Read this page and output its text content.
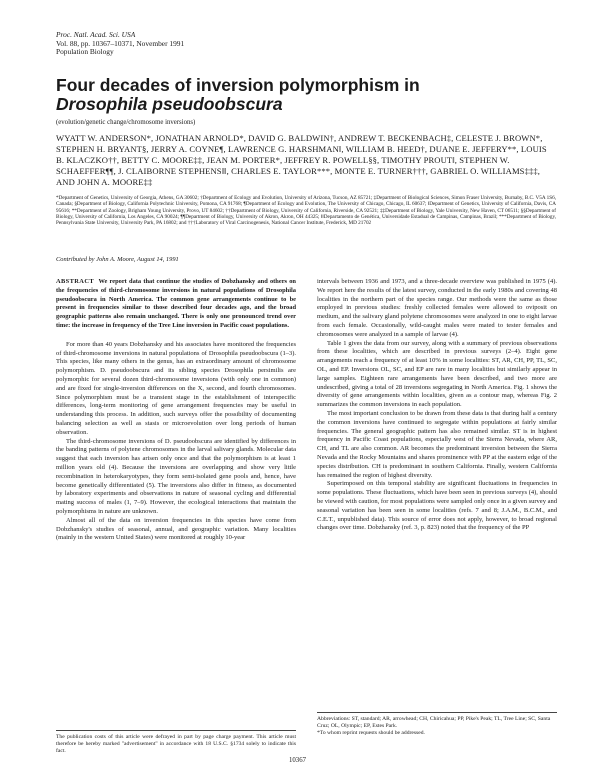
Proc. Natl. Acad. Sci. USA
Vol. 88, pp. 10367–10371, November 1991
Population Biology
Four decades of inversion polymorphism in
Drosophila pseudoobscura
(evolution/genetic change/chromosome inversions)
WYATT W. ANDERSON*, JONATHAN ARNOLD*, DAVID G. BALDWIN†, ANDREW T. BECKENBACH‡, CELESTE J. BROWN*, STEPHEN H. BRYANT§, JERRY A. COYNE¶, LAWRENCE G. HARSHMAN‖, WILLIAM B. HEED†, DUANE E. JEFFERY**, LOUIS B. KLACZKO††, BETTY C. MOORE‡‡, JEAN M. PORTER*, JEFFREY R. POWELL§§, TIMOTHY PROUT‖, STEPHEN W. SCHAEFFER¶¶, J. CLAIBORNE STEPHENS‖‖, CHARLES E. TAYLOR***, MONTE E. TURNER†††, GABRIEL O. WILLIAMS‡‡‡, AND JOHN A. MOORE‡‡
*Department of Genetics, University of Georgia, Athens, GA 30602; †Department of Ecology and Evolution, University of Arizona, Tucson, AZ 85721; ‡Department of Biological Sciences, Simon Fraser University, Burnaby, B.C. V5A 1S6, Canada; §Department of Biology, California Polytechnic University, Pomona, CA 91768; ¶Department of Ecology and Evolution, The University of Chicago, Chicago, IL 60637; ‖Department of Genetics, University of California, Davis, CA 95616; **Department of Zoology, Brigham Young University, Provo, UT 84602; ††Department of Biology, University of California, Riverside, CA 92521; ‡‡Department of Biology, Yale University, New Haven, CT 06511; §§Department of Biology, University of California, Los Angeles, CA 90024; ¶¶Department of Biology, University of Akron, Akron, OH 44325; ‖‖Departamento de Genética, Universidade Estadual de Campinas, Campinas, Brazil; ***Department of Biology, Pennsylvania State University, University Park, PA 16802; and †††Laboratory of Viral Carcinogenesis, National Cancer Institute, Frederick, MD 21702
Contributed by John A. Moore, August 14, 1991

ABSTRACT We report data that continue the studies of Dobzhansky and others on the frequencies of third-chromosome inversions in natural populations of Drosophila pseudoobscura in North America. The common gene arrangements continue to be present in frequencies similar to those described four decades ago, and the broad geographic patterns also remain unchanged. There is only one pronounced trend over time: the increase in frequency of the Tree Line inversion in Pacific coast populations.

For more than 40 years Dobzhansky and his associates have monitored the frequencies of third-chromosome inversions in natural populations of Drosophila pseudoobscura (1–3). This species, like many others in the genus, has an extraordinary amount of chromosome polymorphism. D. pseudoobscura and its sibling species Drosophila persimilis are polymorphic for several dozen third-chromosome inversions (with only one in common) and are fixed for single-inversion differences on the X, second, and fourth chromosomes. Since polymorphism must be a transient stage in the establishment of interspecific differences, long-term monitoring of gene arrangement frequencies may be useful in understanding this process. In addition, such surveys offer the possibility of documenting balancing selection as well as stasis or microevolution over long periods of human observation.

The third-chromosome inversions of D. pseudoobscura are identified by differences in the banding patterns of polytene chromosomes in the larval salivary glands. Molecular data suggest that each inversion has arisen only once and that the polymorphism is at least 1 million years old (4). Because the inversions are overlapping and show very little recombination in heterokaryotypes, they form semi-isolated gene pools and, hence, have become genetically differentiated (5). The inversions also differ in fitness, as documented by laboratory experiments and observations in nature of seasonal cycling and differential mating success of males (1, 7–9). However, the ecological interactions that maintain the polymorphisms in nature are unknown.

Almost all of the data on inversion frequencies in this species have come from Dobzhansky's studies of seasonal, annual, and geographic variation. Many localities (mainly in the western United States) were monitored at roughly 10-year

intervals between 1936 and 1973, and a three-decade overview was published in 1975 (4). We report here the results of the latest survey, conducted in the early 1980s and covering 48 localities in the northern part of the species range. Our methods were the same as those employed in previous studies: freshly collected females were allowed to oviposit on medium, and the salivary gland polytene chromosomes were analyzed in one to eight larvae from each female. Occasionally, wild-caught males were mated to tester females and chromosomes were analyzed in a sample of larvae (4).

Table 1 gives the data from our survey, along with a summary of previous observations from these localities, which are described in previous surveys (2–4). Eight gene arrangements reach a frequency of at least 10% in some localities: ST, AR, CH, PP, TL, SC, OL, and EP. Inversions OL, SC, and EP are rare in many localities but similarly appear in large samples. Eighteen rare arrangements have been described, and two more are undescribed, giving a total of 28 inversions segregating in North America. Fig. 1 shows the diversity of gene arrangements within localities, given as a contour map, whereas Fig. 2 summarizes the common inversions in each population.

The most important conclusion to be drawn from these data is that during half a century the common inversions have continued to segregate within populations at fairly similar frequencies. The general geographic pattern has also remained similar. ST is in highest frequency in Pacific Coast populations, especially west of the Sierra Nevada, where AR, CH, and TL are also common. AR becomes the predominant inversion between the Sierra Nevada and the Rocky Mountains and shares prominence with PP at the eastern edge of the species distribution. CH is predominant in southern California. Finally, western California has remained the region of highest diversity.

Superimposed on this temporal stability are significant fluctuations in frequencies in some populations. These fluctuations, which have been seen in previous surveys (4), should be viewed with caution, for most populations were sampled only once in a given survey and seasonal variation has been seen in some localities (refs. 7 and 8; J.A.M., B.C.M., and C.E.T., unpublished data). This source of error does not apply, however, to broad regional changes over time. Dobzhansky (ref. 3, p. 823) noted that the frequency of the PP

The publication costs of this article were defrayed in part by page charge payment. This article must therefore be hereby marked "advertisement" in accordance with 18 U.S.C. §1734 solely to indicate this fact.
Abbreviations: ST, standard; AR, arrowhead; CH, Chiricahua; PP, Pike's Peak; TL, Tree Line; SC, Santa Cruz; OL, Olympic; EP, Estes Park.
*To whom reprint requests should be addressed.
10367
